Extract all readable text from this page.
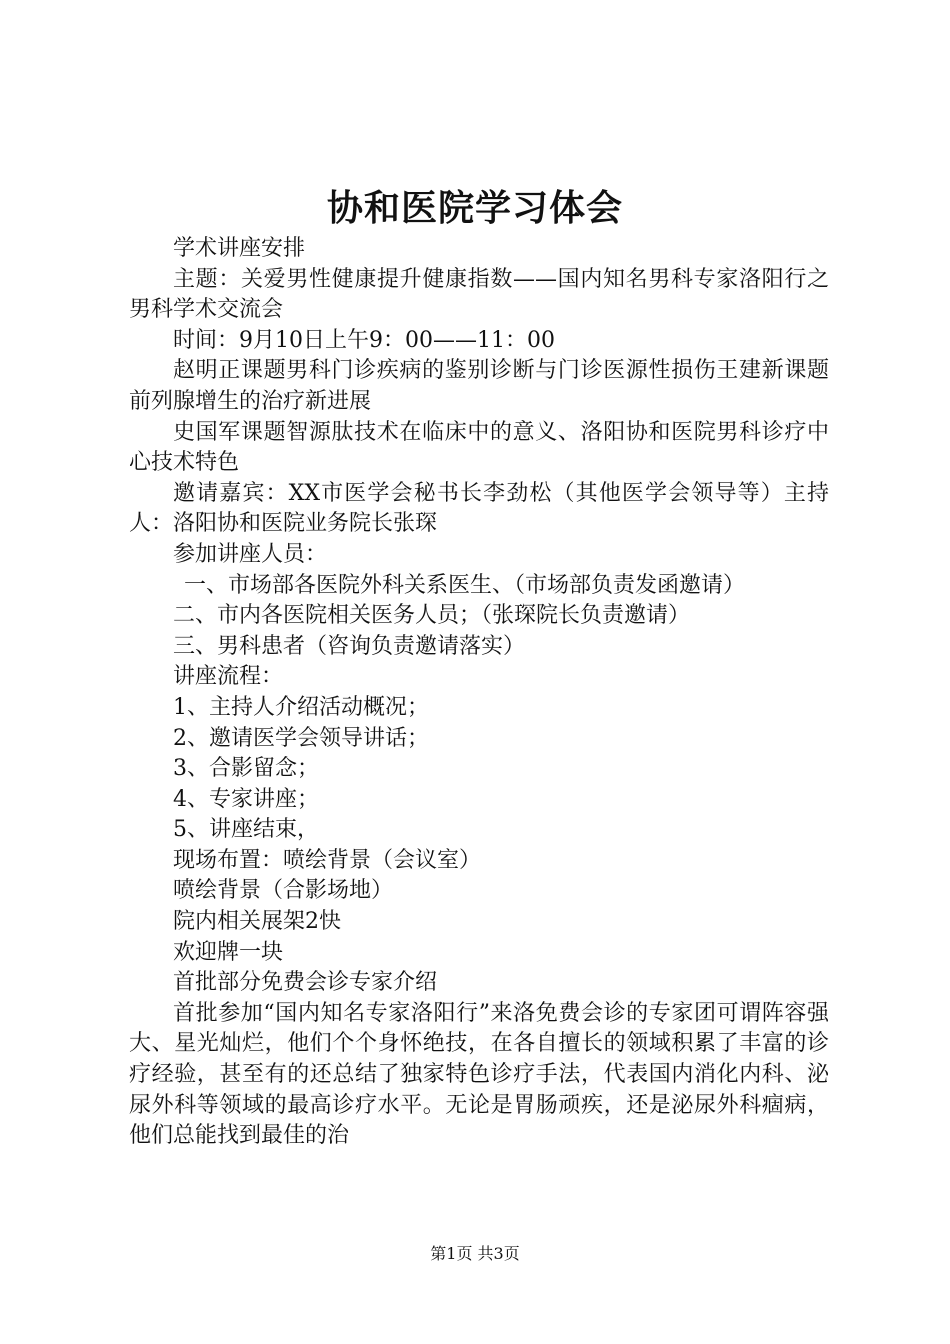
协和医院学习体会

学术讲座安排

主题：关爱男性健康提升健康指数——国内知名男科专家洛阳行之男科学术交流会

时间：9月10日上午9：00——11：00

赵明正课题男科门诊疾病的鉴别诊断与门诊医源性损伤王建新课题前列腺增生的治疗新进展

史国军课题智源肽技术在临床中的意义、洛阳协和医院男科诊疗中心技术特色

邀请嘉宾：XX市医学会秘书长李劲松（其他医学会领导等）主持人：洛阳协和医院业务院长张琛

参加讲座人员：

一、市场部各医院外科关系医生、（市场部负责发函邀请）

二、市内各医院相关医务人员；（张琛院长负责邀请）

三、男科患者（咨询负责邀请落实）

讲座流程：

1、主持人介绍活动概况；

2、邀请医学会领导讲话；

3、合影留念；

4、专家讲座；

5、讲座结束，

现场布置：喷绘背景（会议室）

喷绘背景（合影场地）

院内相关展架2快

欢迎牌一块

首批部分免费会诊专家介绍

首批参加“国内知名专家洛阳行”来洛免费会诊的专家团可谓阵容强大、星光灿烂，他们个个身怀绝技，在各自擅长的领域积累了丰富的诊疗经验，甚至有的还总结了独家特色诊疗手法，代表国内消化内科、泌尿外科等领域的最高诊疗水平。无论是胃肠顽疾，还是泌尿外科痼病，他们总能找到最佳的治

第1页 共3页
